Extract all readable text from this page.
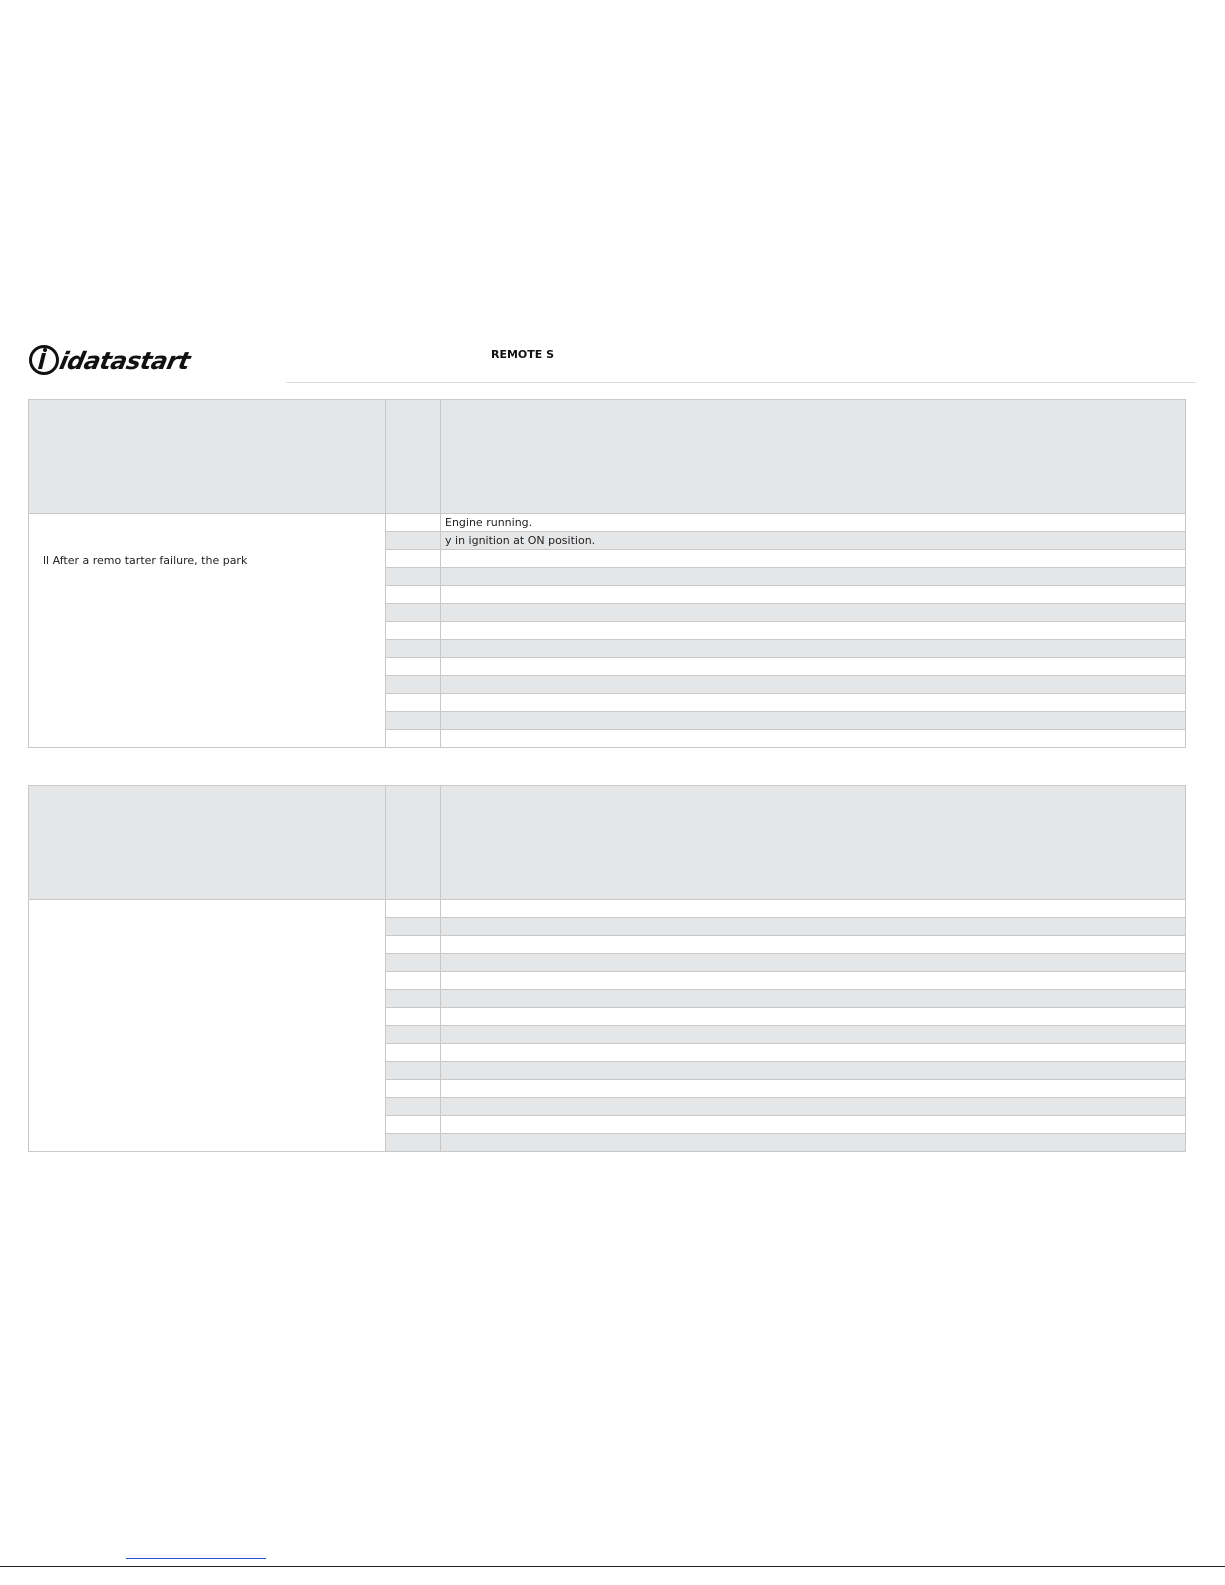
idatastart	REMOTE S

ll After a remo tarter failure, the park		Engine running.
		y in ignition at ON position.
